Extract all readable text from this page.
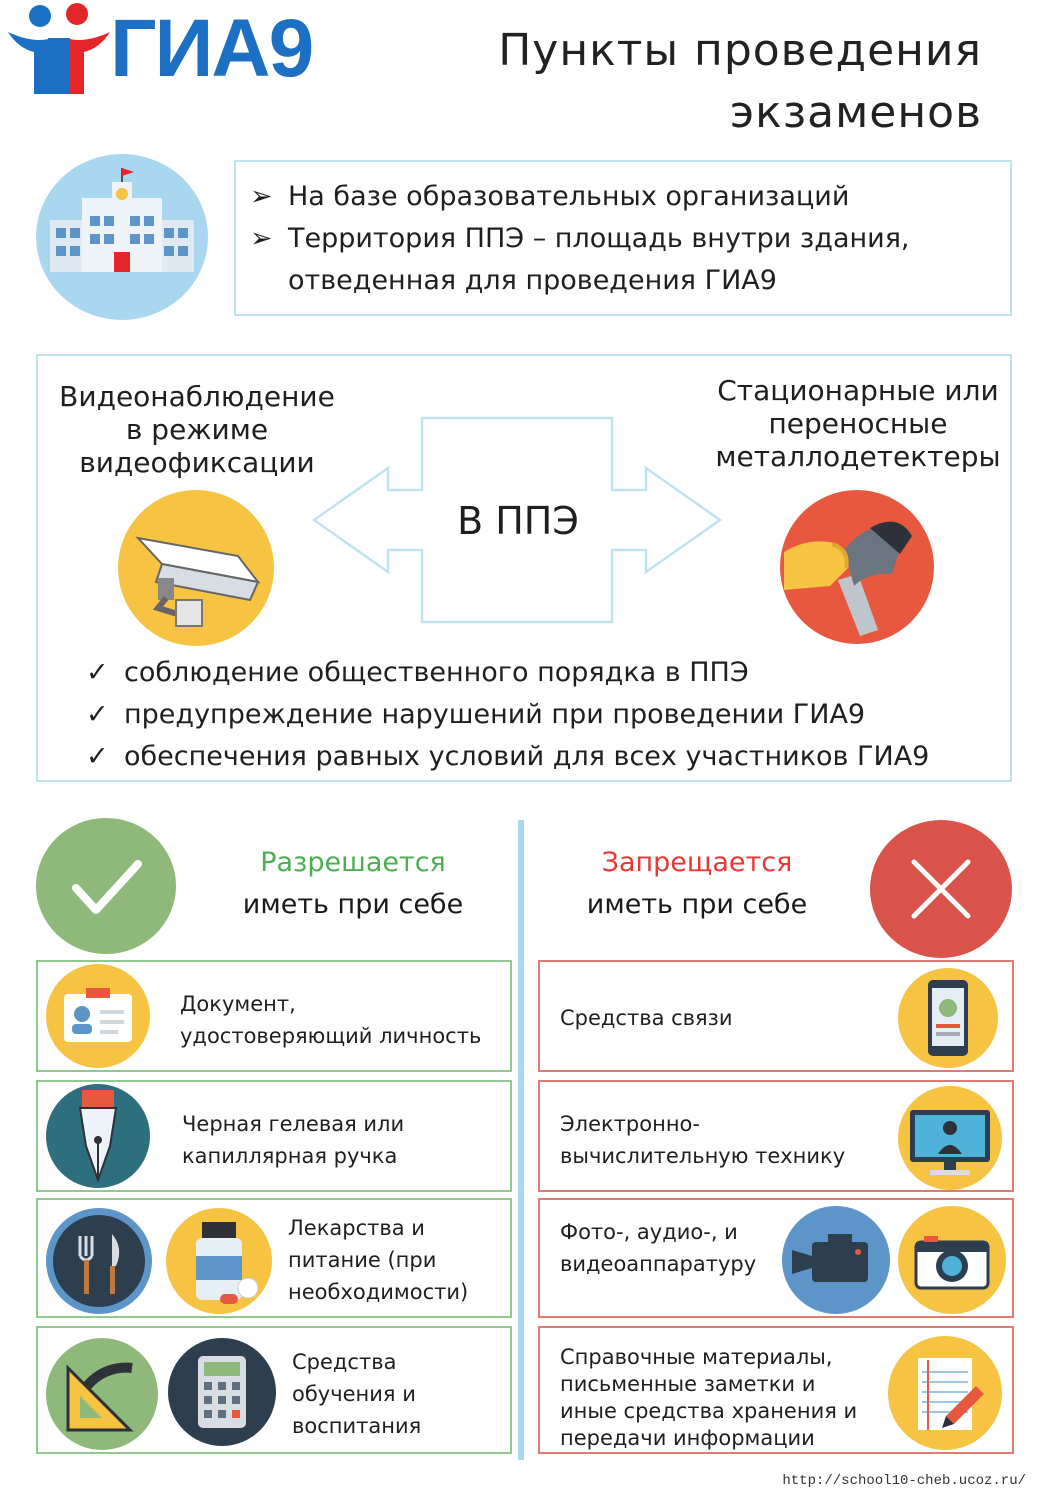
ГИА9	Пункты проведения
экзаменов
➢ На базе образовательных организаций
➢ Территория ППЭ – площадь внутри здания,
отведенная для проведения ГИА9
Видеонаблюдение
в режиме
видеофиксации
Стационарные или
переносные
металлодетектеры
В ППЭ
✓ соблюдение общественного порядка в ППЭ
✓ предупреждение нарушений при проведении ГИА9
✓ обеспечения равных условий для всех участников ГИА9
Разрешается
иметь при себе
Запрещается
иметь при себе
Документ,
удостоверяющий личность
Черная гелевая или
капиллярная ручка
Лекарства и
питание (при
необходимости)
Средства
обучения и
воспитания
Средства связи
Электронно-
вычислительную технику
Фото-, аудио-, и
видеоаппаратуру
Справочные материалы,
письменные заметки и
иные средства хранения и
передачи информации
http://school10-cheb.ucoz.ru/
